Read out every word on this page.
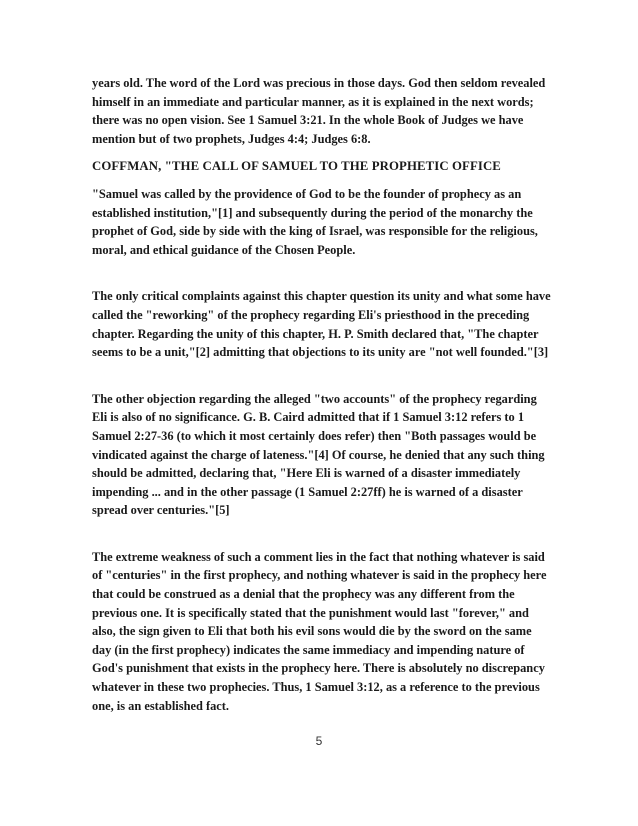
years old. The word of the Lord was precious in those days. God then seldom revealed himself in an immediate and particular manner, as it is explained in the next words; there was no open vision. See 1 Samuel 3:21. In the whole Book of Judges we have mention but of two prophets, Judges 4:4; Judges 6:8.

COFFMAN, "THE CALL OF SAMUEL TO THE PROPHETIC OFFICE

"Samuel was called by the providence of God to be the founder of prophecy as an established institution,"[1] and subsequently during the period of the monarchy the prophet of God, side by side with the king of Israel, was responsible for the religious, moral, and ethical guidance of the Chosen People.

The only critical complaints against this chapter question its unity and what some have called the "reworking" of the prophecy regarding Eli's priesthood in the preceding chapter. Regarding the unity of this chapter, H. P. Smith declared that, "The chapter seems to be a unit,"[2] admitting that objections to its unity are "not well founded."[3]

The other objection regarding the alleged "two accounts" of the prophecy regarding Eli is also of no significance. G. B. Caird admitted that if 1 Samuel 3:12 refers to 1 Samuel 2:27-36 (to which it most certainly does refer) then "Both passages would be vindicated against the charge of lateness."[4] Of course, he denied that any such thing should be admitted, declaring that, "Here Eli is warned of a disaster immediately impending ... and in the other passage (1 Samuel 2:27ff) he is warned of a disaster spread over centuries."[5]

The extreme weakness of such a comment lies in the fact that nothing whatever is said of "centuries" in the first prophecy, and nothing whatever is said in the prophecy here that could be construed as a denial that the prophecy was any different from the previous one. It is specifically stated that the punishment would last "forever," and also, the sign given to Eli that both his evil sons would die by the sword on the same day (in the first prophecy) indicates the same immediacy and impending nature of God's punishment that exists in the prophecy here. There is absolutely no discrepancy whatever in these two prophecies. Thus, 1 Samuel 3:12, as a reference to the previous one, is an established fact.

5
